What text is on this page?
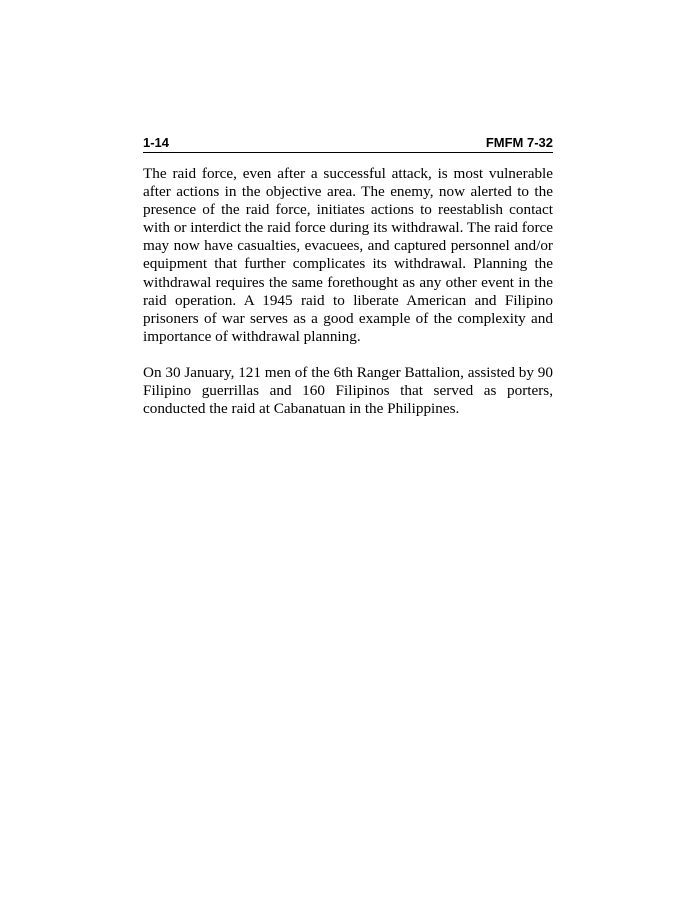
1-14	FMFM 7-32

The raid force, even after a successful attack, is most vulnerable after actions in the objective area. The enemy, now alerted to the presence of the raid force, initiates actions to reestablish contact with or interdict the raid force during its withdrawal. The raid force may now have casualties, evacuees, and captured personnel and/or equipment that further complicates its withdrawal. Planning the withdrawal requires the same forethought as any other event in the raid operation. A 1945 raid to liberate American and Filipino prisoners of war serves as a good example of the complexity and importance of withdrawal planning.

On 30 January, 121 men of the 6th Ranger Battalion, assisted by 90 Filipino guerrillas and 160 Filipinos that served as porters, conducted the raid at Cabanatuan in the Philippines.
